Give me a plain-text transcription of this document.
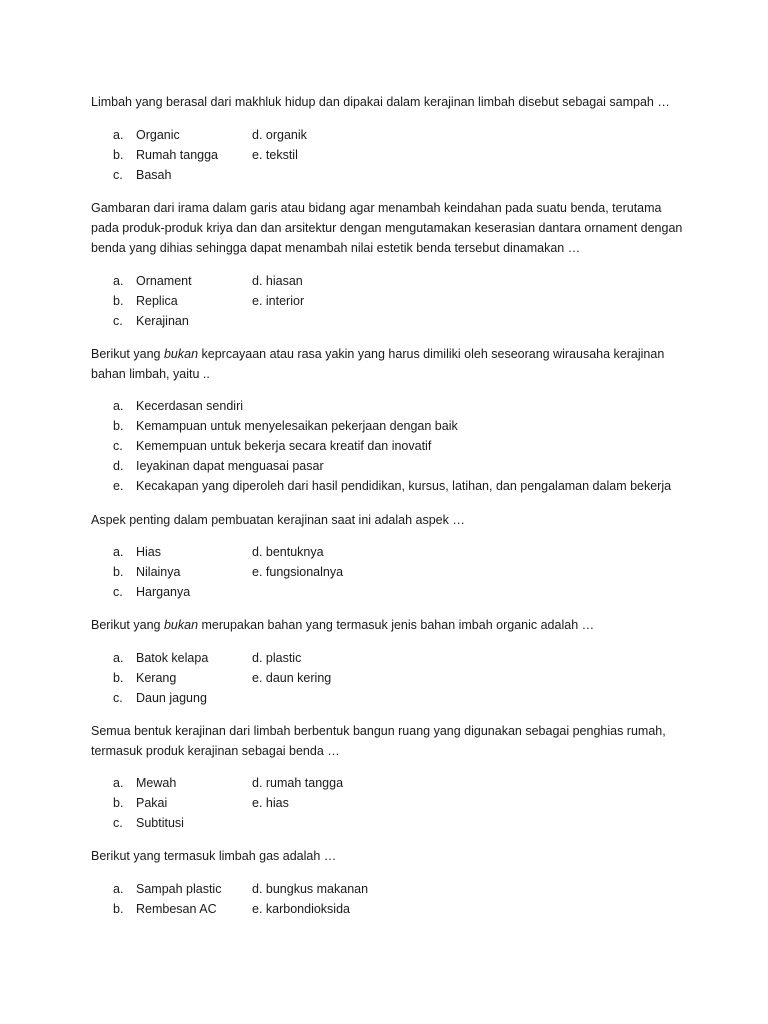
Limbah yang berasal dari makhluk hidup dan dipakai dalam kerajinan limbah disebut sebagai sampah …

a. Organic	d. organik
b. Rumah tangga	e. tekstil
c. Basah

Gambaran dari irama dalam garis atau bidang agar menambah keindahan pada suatu benda, terutama pada produk-produk kriya dan dan arsitektur dengan mengutamakan keserasian dantara ornament dengan benda yang dihias sehingga dapat menambah nilai estetik benda tersebut dinamakan …

a. Ornament	d. hiasan
b. Replica	e. interior
c. Kerajinan

Berikut yang bukan keprcayaan atau rasa yakin yang harus dimiliki oleh seseorang wirausaha kerajinan bahan limbah, yaitu ..

a. Kecerdasan sendiri
b. Kemampuan untuk menyelesaikan pekerjaan dengan baik
c. Kemempuan untuk bekerja secara kreatif dan inovatif
d. Ieyakinan dapat menguasai pasar
e. Kecakapan yang diperoleh dari hasil pendidikan, kursus, latihan, dan pengalaman dalam bekerja

Aspek penting dalam pembuatan kerajinan saat ini adalah aspek …

a. Hias	d. bentuknya
b. Nilainya	e. fungsionalnya
c. Harganya

Berikut yang bukan merupakan bahan yang termasuk jenis bahan imbah organic adalah …

a. Batok kelapa	d. plastic
b. Kerang	e. daun kering
c. Daun jagung

Semua bentuk kerajinan dari limbah berbentuk bangun ruang yang digunakan sebagai penghias rumah, termasuk produk kerajinan sebagai benda …

a. Mewah	d. rumah tangga
b. Pakai	e. hias
c. Subtitusi

Berikut yang termasuk limbah gas adalah …

a. Sampah plastic d. bungkus makanan
b. Rembesan AC	e. karbondioksida
